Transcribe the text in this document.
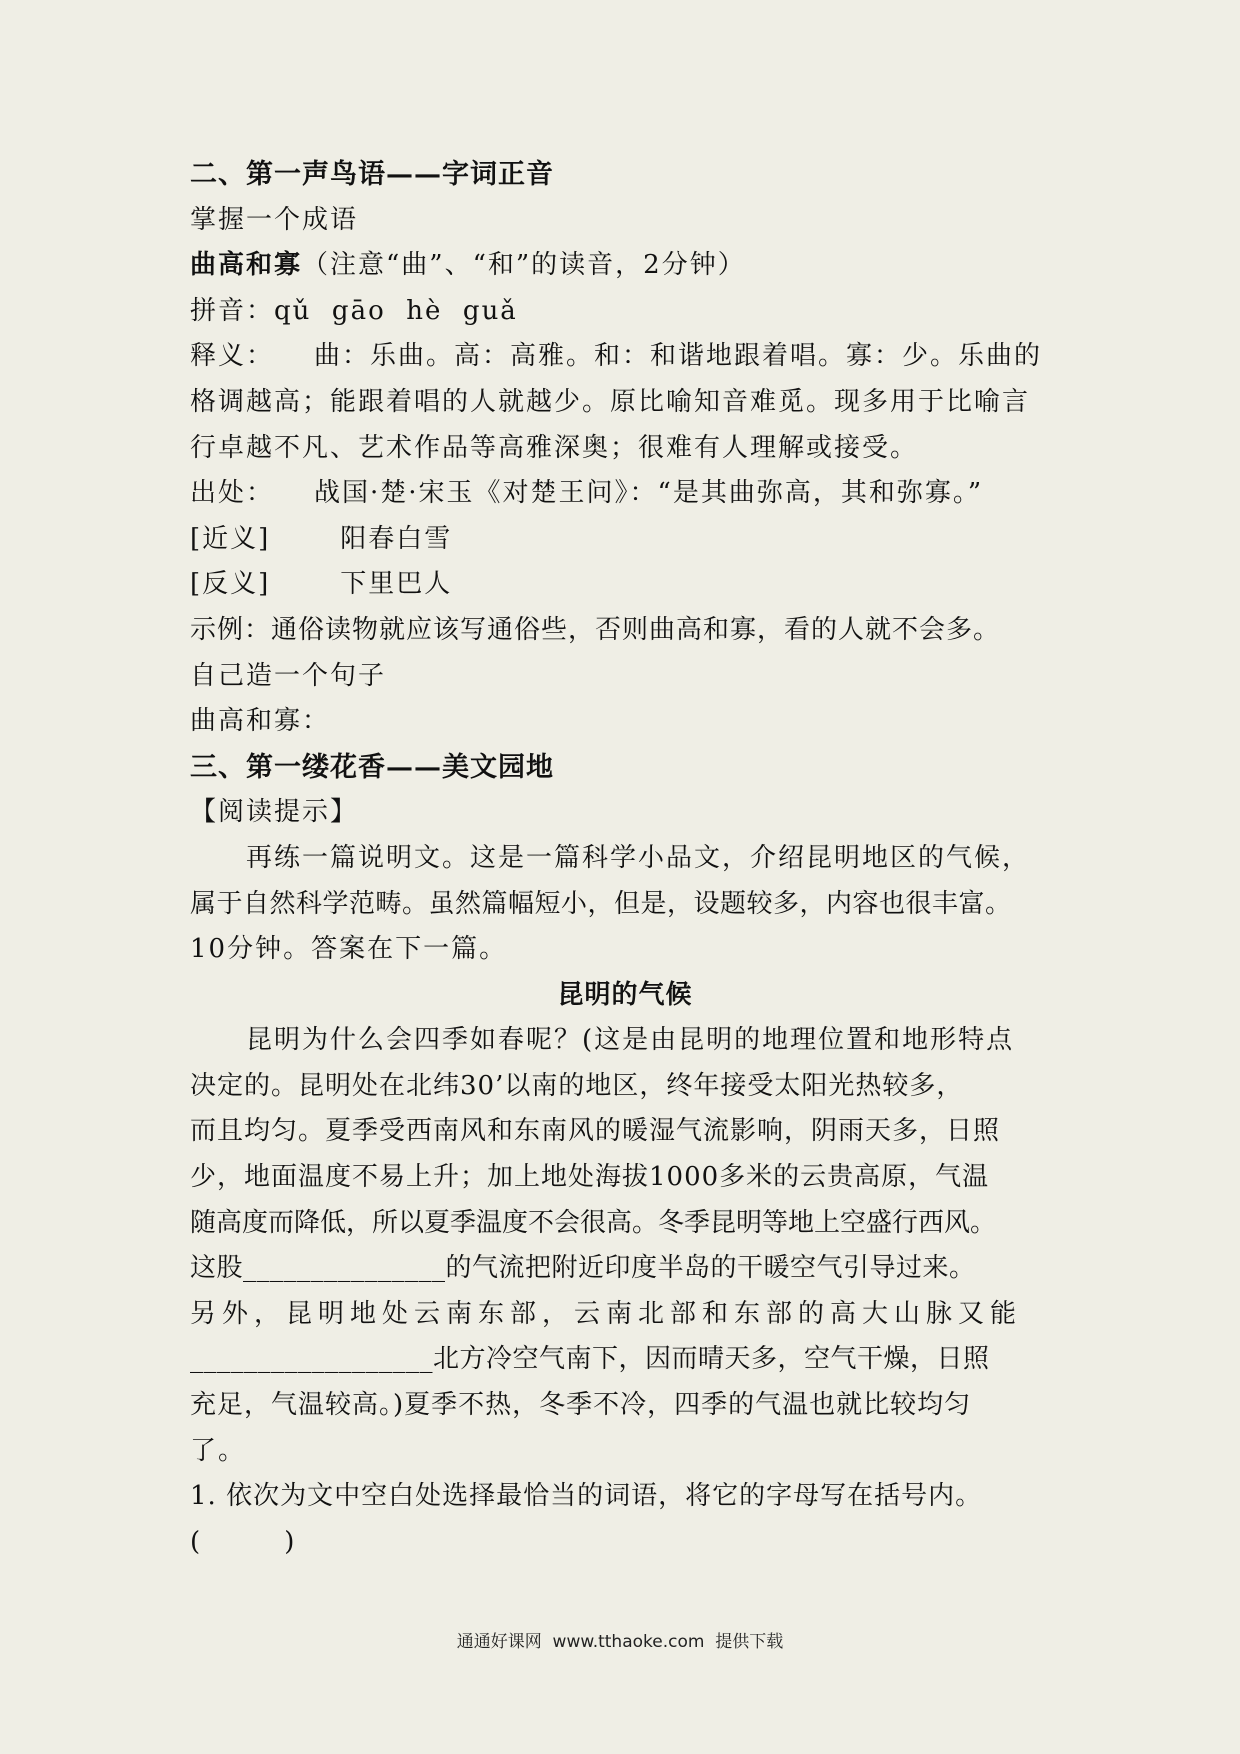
二、第一声鸟语——字词正音
掌握一个成语
曲高和寡（注意“曲”、“和”的读音，2分钟）
拼音：qǔ  gāo  hè  guǎ
释义： 曲：乐曲。高：高雅。和：和谐地跟着唱。寡：少。乐曲的
格调越高；能跟着唱的人就越少。原比喻知音难觅。现多用于比喻言
行卓越不凡、艺术作品等高雅深奥；很难有人理解或接受。
出处： 战国·楚·宋玉《对楚王问》：“是其曲弥高，其和弥寡。”
[近义]	阳春白雪
[反义]	下里巴人
示例：通俗读物就应该写通俗些，否则曲高和寡，看的人就不会多。
自己造一个句子
曲高和寡：
三、第一缕花香——美文园地
【阅读提示】
再练一篇说明文。这是一篇科学小品文，介绍昆明地区的气候，
属于自然科学范畴。虽然篇幅短小，但是，设题较多，内容也很丰富。
10分钟。答案在下一篇。
昆明的气候
昆明为什么会四季如春呢？(这是由昆明的地理位置和地形特点
决定的。昆明处在北纬30’以南的地区，终年接受太阳光热较多，
而且均匀。夏季受西南风和东南风的暖湿气流影响，阴雨天多，日照
少，地面温度不易上升；加上地处海拔1000多米的云贵高原，气温
随高度而降低，所以夏季温度不会很高。冬季昆明等地上空盛行西风。
这股_______________的气流把附近印度半岛的干暖空气引导过来。
另外，昆明地处云南东部，云南北部和东部的高大山脉又能
__________________北方冷空气南下，因而晴天多，空气干燥，日照
充足，气温较高。)夏季不热，冬季不冷，四季的气温也就比较均匀
了。
1. 依次为文中空白处选择最恰当的词语，将它的字母写在括号内。
(        )
通通好课网  www.tthaoke.com  提供下载
